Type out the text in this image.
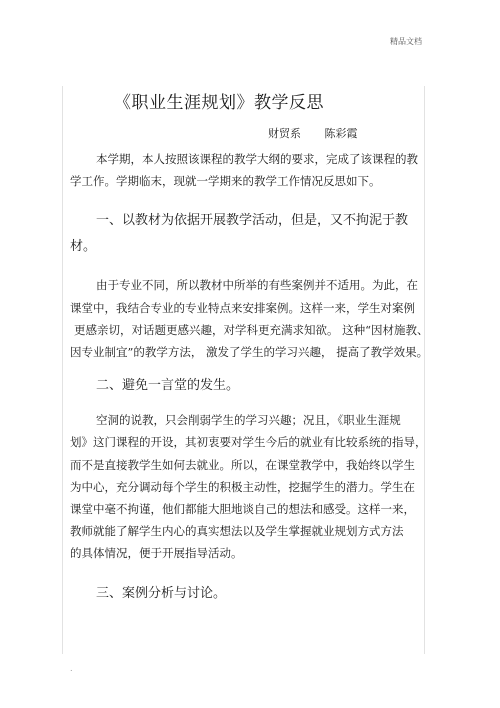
精品文档
《职业生涯规划》教学反思
财贸系 陈彩霞

本学期，本人按照该课程的教学大纲的要求，完成了该课程的教
学工作。学期临末，现就一学期来的教学工作情况反思如下。

一、以教材为依据开展教学活动，但是，又不拘泥于教
材。

由于专业不同，所以教材中所举的有些案例并不适用。为此，在
课堂中，我结合专业的专业特点来安排案例。这样一来，学生对案例
更感亲切，对话题更感兴趣，对学科更充满求知欲。 这种“因材施教、
因专业制宜”的教学方法， 激发了学生的学习兴趣， 提高了教学效果。

二、避免一言堂的发生。

空洞的说教，只会削弱学生的学习兴趣；况且，《职业生涯规
划》这门课程的开设，其初衷要对学生今后的就业有比较系统的指导，
而不是直接教学生如何去就业。所以，在课堂教学中，我始终以学生
为中心，充分调动每个学生的积极主动性，挖掘学生的潜力。学生在
课堂中毫不拘谨，他们都能大胆地谈自己的想法和感受。这样一来，
教师就能了解学生内心的真实想法以及学生掌握就业规划方式方法
的具体情况，便于开展指导活动。

三、案例分析与讨论。

.
